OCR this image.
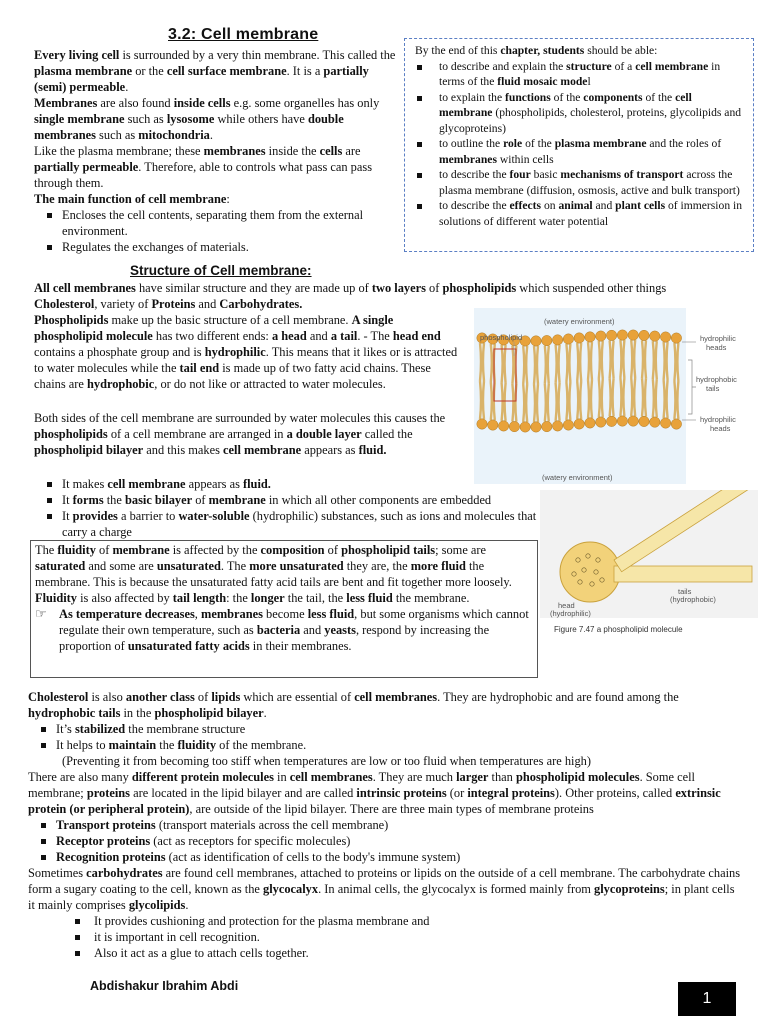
3.2: Cell membrane
Every living cell is surrounded by a very thin membrane. This called the plasma membrane or the cell surface membrane. It is a partially (semi) permeable.
Membranes are also found inside cells e.g. some organelles has only single membrane such as lysosome while others have double membranes such as mitochondria.
Like the plasma membrane; these membranes inside the cells are partially permeable. Therefore, able to controls what pass can pass through them.
The main function of cell membrane:
Encloses the cell contents, separating them from the external environment.
Regulates the exchanges of materials.
By the end of this chapter, students should be able:
to describe and explain the structure of a cell membrane in terms of the fluid mosaic model
to explain the functions of the components of the cell membrane (phospholipids, cholesterol, proteins, glycolipids and glycoproteins)
to outline the role of the plasma membrane and the roles of membranes within cells
to describe the four basic mechanisms of transport across the plasma membrane (diffusion, osmosis, active and bulk transport)
to describe the effects on animal and plant cells of immersion in solutions of different water potential
Structure of Cell membrane:
All cell membranes have similar structure and they are made up of two layers of phospholipids which suspended other things Cholesterol, variety of Proteins and Carbohydrates.
Phospholipids make up the basic structure of a cell membrane. A single phospholipid molecule has two different ends: a head and a tail. - The head end contains a phosphate group and is hydrophilic. This means that it likes or is attracted to water molecules while the tail end is made up of two fatty acid chains. These chains are hydrophobic, or do not like or attracted to water molecules.
Both sides of the cell membrane are surrounded by water molecules this causes the phospholipids of a cell membrane are arranged in a double layer called the phospholipid bilayer and this makes cell membrane appears as fluid.
It makes cell membrane appears as fluid.
It forms the basic bilayer of membrane in which all other components are embedded
It provides a barrier to water-soluble (hydrophilic) substances, such as ions and molecules that carry a charge
(watery environment)
(watery environment)
phospholipid	hydrophilic
heads
hydrophobic
tails
hydrophilic
heads
head
(hydrophilic)
tails
(hydrophobic)
Figure 7.47 a phospholipid molecule
The fluidity of membrane is affected by the composition of phospholipid tails; some are saturated and some are unsaturated. The more unsaturated they are, the more fluid the membrane. This is because the unsaturated fatty acid tails are bent and fit together more loosely.
Fluidity is also affected by tail length: the longer the tail, the less fluid the membrane.
☞ As temperature decreases, membranes become less fluid, but some organisms which cannot regulate their own temperature, such as bacteria and yeasts, respond by increasing the proportion of unsaturated fatty acids in their membranes.
Cholesterol is also another class of lipids which are essential of cell membranes. They are hydrophobic and are found among the hydrophobic tails in the phospholipid bilayer.
It’s stabilized the membrane structure
It helps to maintain the fluidity of the membrane.
(Preventing it from becoming too stiff when temperatures are low or too fluid when temperatures are high)
There are also many different protein molecules in cell membranes. They are much larger than phospholipid molecules. Some cell membrane; proteins are located in the lipid bilayer and are called intrinsic proteins (or integral proteins). Other proteins, called extrinsic protein (or peripheral protein), are outside of the lipid bilayer. There are three main types of membrane proteins
Transport proteins (transport materials across the cell membrane)
Receptor proteins (act as receptors for specific molecules)
Recognition proteins (act as identification of cells to the body's immune system)
Sometimes carbohydrates are found cell membranes, attached to proteins or lipids on the outside of a cell membrane. The carbohydrate chains form a sugary coating to the cell, known as the glycocalyx. In animal cells, the glycocalyx is formed mainly from glycoproteins; in plant cells it mainly comprises glycolipids.
It provides cushioning and protection for the plasma membrane and
it is important in cell recognition.
Also it act as a glue to attach cells together.
Abdishakur Ibrahim Abdi
1
